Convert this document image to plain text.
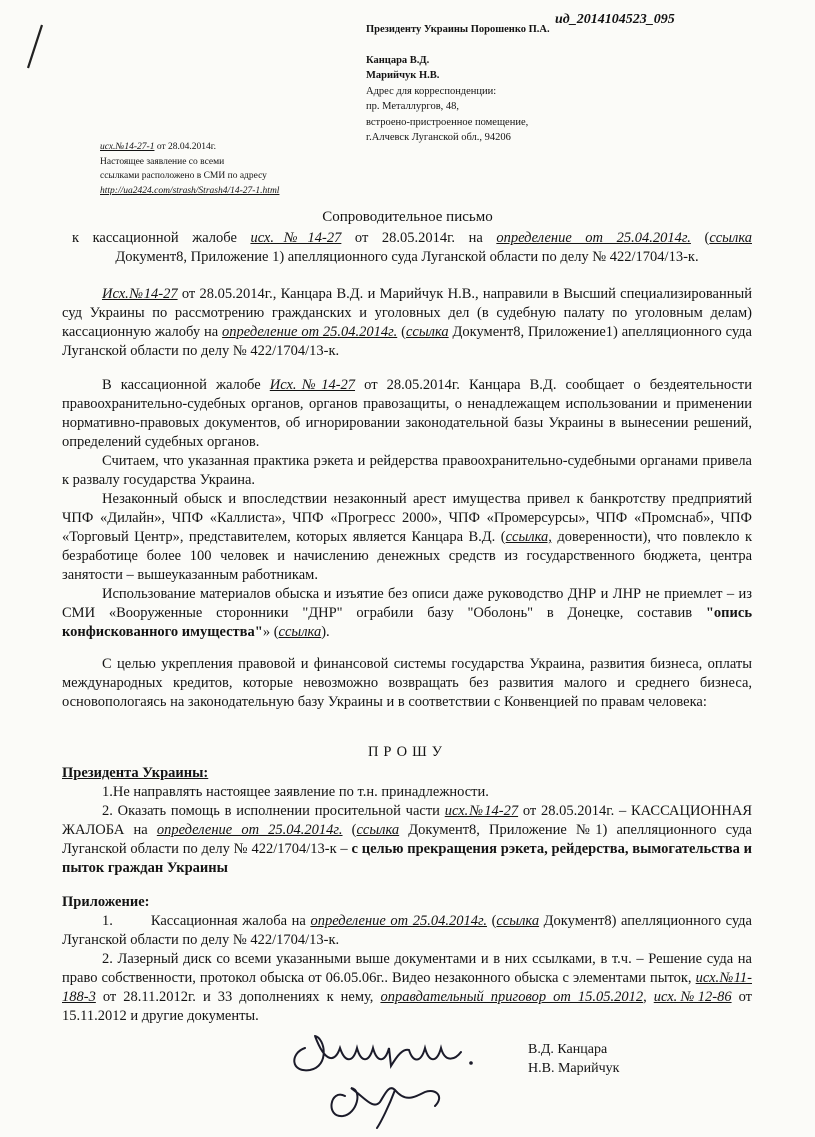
ид_2014104523_095
Президенту Украины Порошенко П.А.
Канцара В.Д.
Марийчук Н.В.
Адрес для корреспонденции:
пр. Металлургов, 48,
встроено-пристроенное помещение,
г.Алчевск Луганской обл., 94206
исх.№14-27-1 от 28.04.2014г.
Настоящее заявление со всеми
ссылками расположено в СМИ по адресу
http://ua2424.com/strash/Strash4/14-27-1.html
Сопроводительное письмо

к кассационной жалобе исх.№14-27 от 28.05.2014г. на определение от 25.04.2014г. (ссылка

Документ8, Приложение 1) апелляционного суда Луганской области по делу № 422/1704/13-к.

Исх.№14-27 от 28.05.2014г., Канцара В.Д. и Марийчук Н.В., направили в Высший специализированный суд Украины по рассмотрению гражданских и уголовных дел (в судебную палату по уголовным делам) кассационную жалобу на определение от 25.04.2014г. (ссылка Документ8, Приложение1) апелляционного суда Луганской области по делу № 422/1704/13-к.

В кассационной жалобе Исх.№14-27 от 28.05.2014г. Канцара В.Д. сообщает о бездеятельности правоохранительно-судебных органов, органов правозащиты, о ненадлежащем использовании и применении нормативно-правовых документов, об игнорировании законодательной базы Украины в вынесении решений, определений судебных органов.

Считаем, что указанная практика рэкета и рейдерства правоохранительно-судебными органами привела к развалу государства Украина.

Незаконный обыск и впоследствии незаконный арест имущества привел к банкротству предприятий ЧПФ «Дилайн», ЧПФ «Каллиста», ЧПФ «Прогресс 2000», ЧПФ «Промерсурсы», ЧПФ «Промснаб», ЧПФ «Торговый Центр», представителем, которых является Канцара В.Д. (ссылка, доверенности), что повлекло к безработице более 100 человек и начислению денежных средств из государственного бюджета, центра занятости – вышеуказанным работникам.

Использование материалов обыска и изъятие без описи даже руководство ДНР и ЛНР не приемлет – из СМИ «Вооруженные сторонники "ДНР" ограбили базу "Оболонь" в Донецке, составив "опись конфискованного имущества"» (ссылка).

С целью укрепления правовой и финансовой системы государства Украина, развития бизнеса, оплаты международных кредитов, которые невозможно возвращать без развития малого и среднего бизнеса, основопологаясь на законодательную базу Украины и в соответствии с Конвенцией по правам человека:

ПРОШУ

Президента Украины:

1.Не направлять настоящее заявление по т.н. принадлежности.

2. Оказать помощь в исполнении просительной части исх.№14-27 от 28.05.2014г. – КАССАЦИОННАЯ ЖАЛОБА на определение от 25.04.2014г. (ссылка Документ8, Приложение №1) апелляционного суда Луганской области по делу № 422/1704/13-к – с целью прекращения рэкета, рейдерства, вымогательства и пыток граждан Украины

Приложение:

1.	Кассационная жалоба на определение от 25.04.2014г. (ссылка Документ8) апелляционного суда Луганской области по делу № 422/1704/13-к.

2. Лазерный диск со всеми указанными выше документами и в них ссылками, в т.ч. – Решение суда на право собственности, протокол обыска от 06.05.06г.. Видео незаконного обыска с элементами пыток, исх.№11-188-3 от 28.11.2012г. и 33 дополнениях к нему, оправдательный приговор от 15.05.2012, исх.№12-86 от 15.11.2012 и другие документы.

В.Д. Канцара
Н.В. Марийчук
